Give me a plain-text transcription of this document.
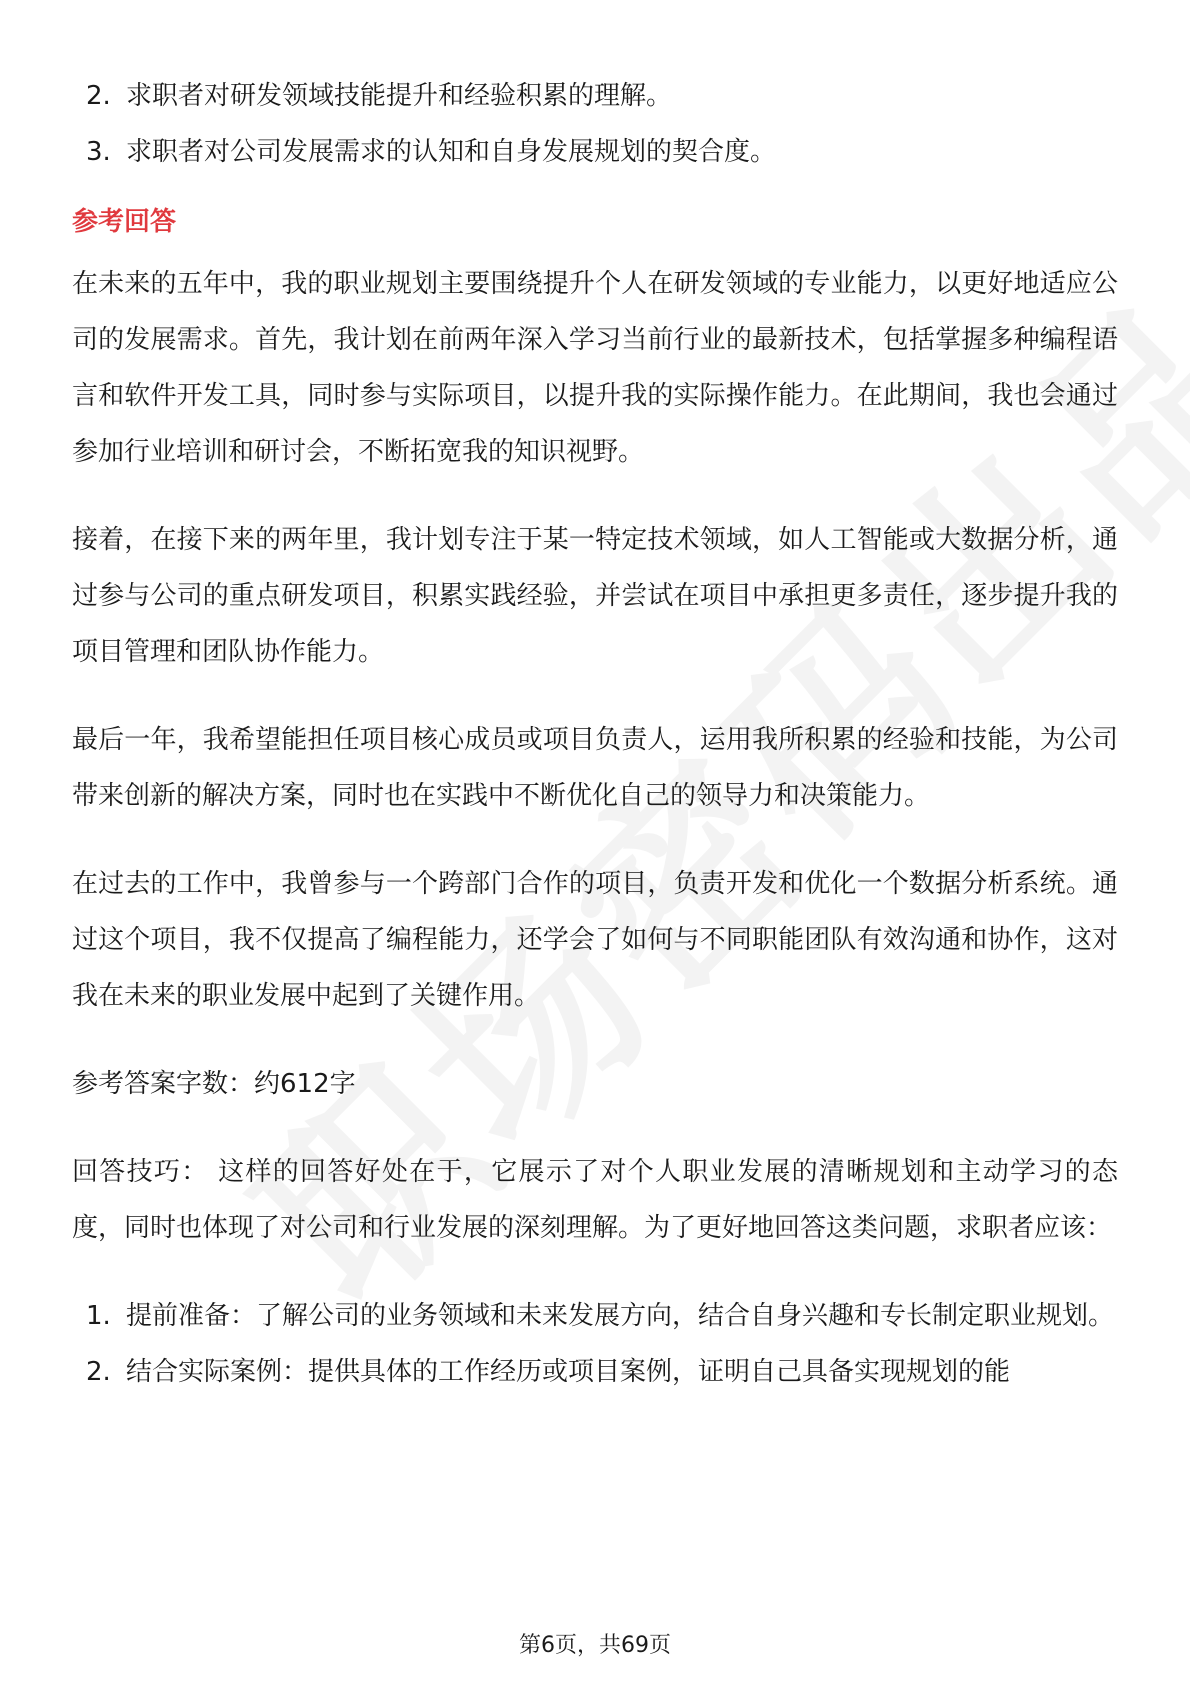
2. 求职者对研发领域技能提升和经验积累的理解。
3. 求职者对公司发展需求的认知和自身发展规划的契合度。
参考回答

在未来的五年中，我的职业规划主要围绕提升个人在研发领域的专业能力，以更好地适应公司的发展需求。首先，我计划在前两年深入学习当前行业的最新技术，包括掌握多种编程语言和软件开发工具，同时参与实际项目，以提升我的实际操作能力。在此期间，我也会通过参加行业培训和研讨会，不断拓宽我的知识视野。

接着，在接下来的两年里，我计划专注于某一特定技术领域，如人工智能或大数据分析，通过参与公司的重点研发项目，积累实践经验，并尝试在项目中承担更多责任，逐步提升我的项目管理和团队协作能力。

最后一年，我希望能担任项目核心成员或项目负责人，运用我所积累的经验和技能，为公司带来创新的解决方案，同时也在实践中不断优化自己的领导力和决策能力。

在过去的工作中，我曾参与一个跨部门合作的项目，负责开发和优化一个数据分析系统。通过这个项目，我不仅提高了编程能力，还学会了如何与不同职能团队有效沟通和协作，这对我在未来的职业发展中起到了关键作用。

参考答案字数：约612字

回答技巧： 这样的回答好处在于，它展示了对个人职业发展的清晰规划和主动学习的态度，同时也体现了对公司和行业发展的深刻理解。为了更好地回答这类问题，求职者应该：

1. 提前准备：了解公司的业务领域和未来发展方向，结合自身兴趣和专长制定职业规划。
2. 结合实际案例：提供具体的工作经历或项目案例，证明自己具备实现规划的能
第6页，共69页
